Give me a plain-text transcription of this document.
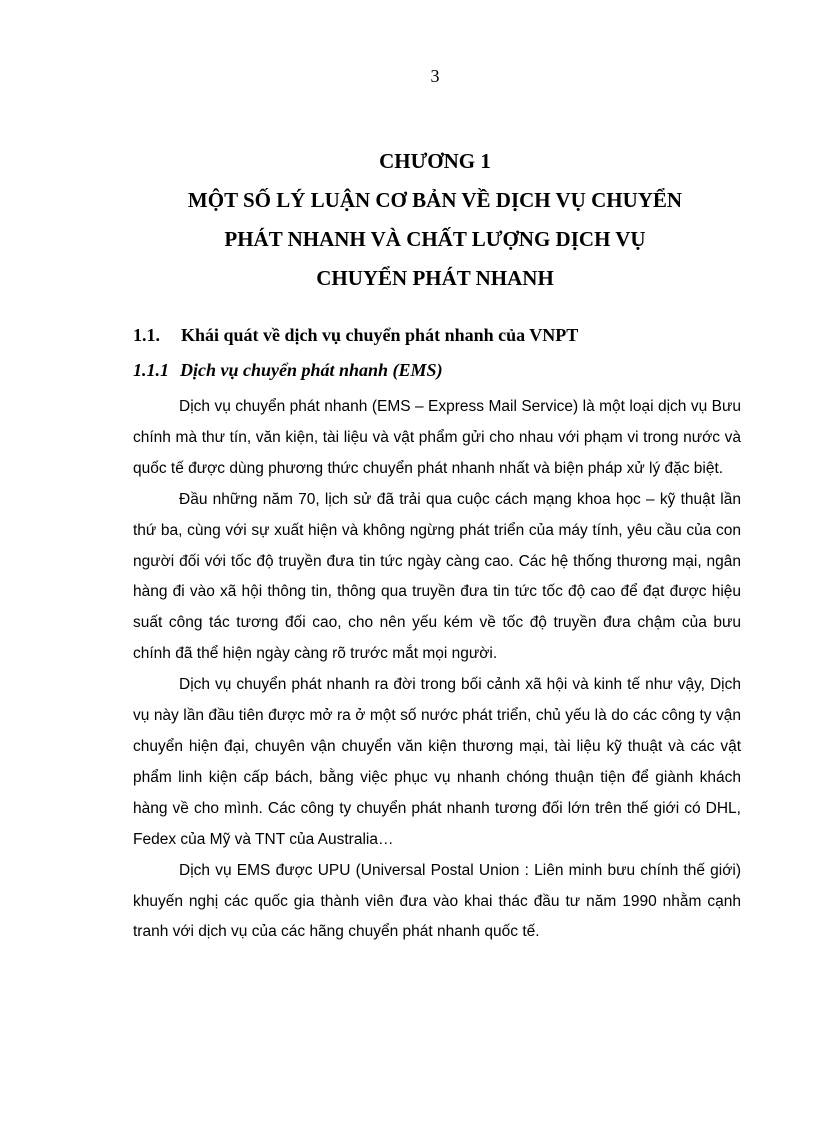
3
CHƯƠNG 1
MỘT SỐ LÝ LUẬN CƠ BẢN VỀ DỊCH VỤ CHUYỂN
PHÁT NHANH VÀ CHẤT LƯỢNG DỊCH VỤ
CHUYỂN PHÁT NHANH
1.1. Khái quát về dịch vụ chuyển phát nhanh của VNPT
1.1.1 Dịch vụ chuyển phát nhanh (EMS)

Dịch vụ chuyển phát nhanh (EMS – Express Mail Service) là một loại dịch vụ Bưu chính mà thư tín, văn kiện, tài liệu và vật phẩm gửi cho nhau với phạm vi trong nước và quốc tế được dùng phương thức chuyển phát nhanh nhất và biện pháp xử lý đặc biệt.

Đầu những năm 70, lịch sử đã trải qua cuộc cách mạng khoa học – kỹ thuật lần thứ ba, cùng với sự xuất hiện và không ngừng phát triển của máy tính, yêu cầu của con người đối với tốc độ truyền đưa tin tức ngày càng cao. Các hệ thống thương mại, ngân hàng đi vào xã hội thông tin, thông qua truyền đưa tin tức tốc độ cao để đạt được hiệu suất công tác tương đối cao, cho nên yếu kém về tốc độ truyền đưa chậm của bưu chính đã thể hiện ngày càng rõ trước mắt mọi người.

Dịch vụ chuyển phát nhanh ra đời trong bối cảnh xã hội và kinh tế như vậy, Dịch vụ này lần đầu tiên được mở ra ở một số nước phát triển, chủ yếu là do các công ty vận chuyển hiện đại, chuyên vận chuyển văn kiện thương mại, tài liệu kỹ thuật và các vật phẩm linh kiện cấp bách, bằng việc phục vụ nhanh chóng thuận tiện để giành khách hàng về cho mình. Các công ty chuyển phát nhanh tương đối lớn trên thế giới có DHL, Fedex của Mỹ và TNT của Australia…

Dịch vụ EMS được UPU (Universal Postal Union : Liên minh bưu chính thế giới) khuyến nghị các quốc gia thành viên đưa vào khai thác đầu tư năm 1990 nhằm cạnh tranh với dịch vụ của các hãng chuyển phát nhanh quốc tế.
